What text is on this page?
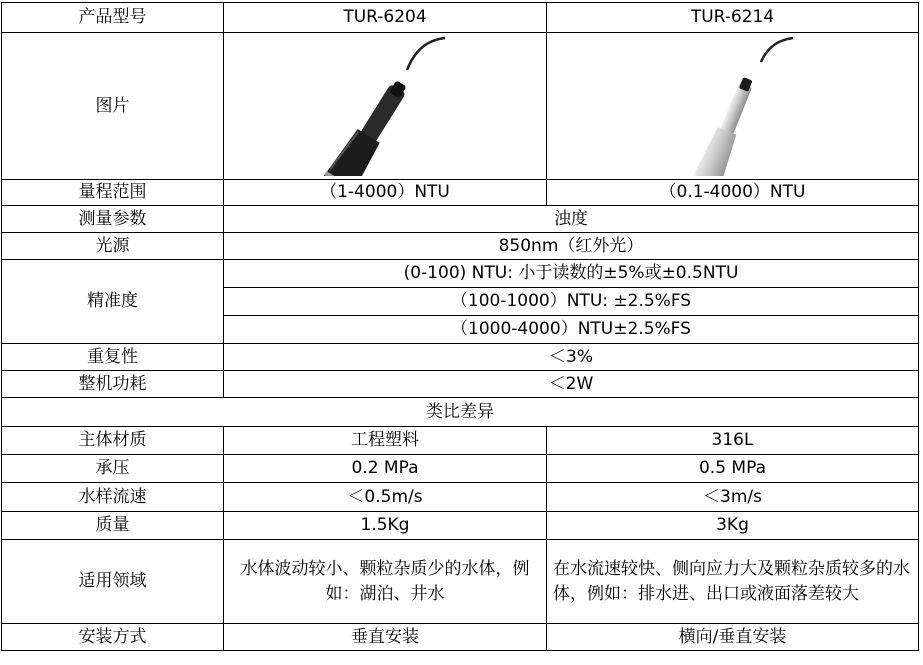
产品型号	TUR-6204	TUR-6214
图片	

量程范围	（1-4000）NTU	（0.1-4000）NTU
测量参数	浊度	
光源	850nm（红外光）	
精准度	(0-100) NTU: 小于读数的±5%或±0.5NTU	
	（100-1000）NTU: ±2.5%FS	
	（1000-4000）NTU±2.5%FS	
重复性	＜3%	
整机功耗	＜2W	
类比差异		
主体材质	工程塑料	316L
承压	0.2 MPa	0.5 MPa
水样流速	＜0.5m/s	＜3m/s
质量	1.5Kg	3Kg
适用领域	水体波动较小、颗粒杂质少的水体，例如：湖泊、井水	在水流速较快、侧向应力大及颗粒杂质较多的水体，例如：排水进、出口或液面落差较大
安装方式	垂直安装	横向/垂直安装
